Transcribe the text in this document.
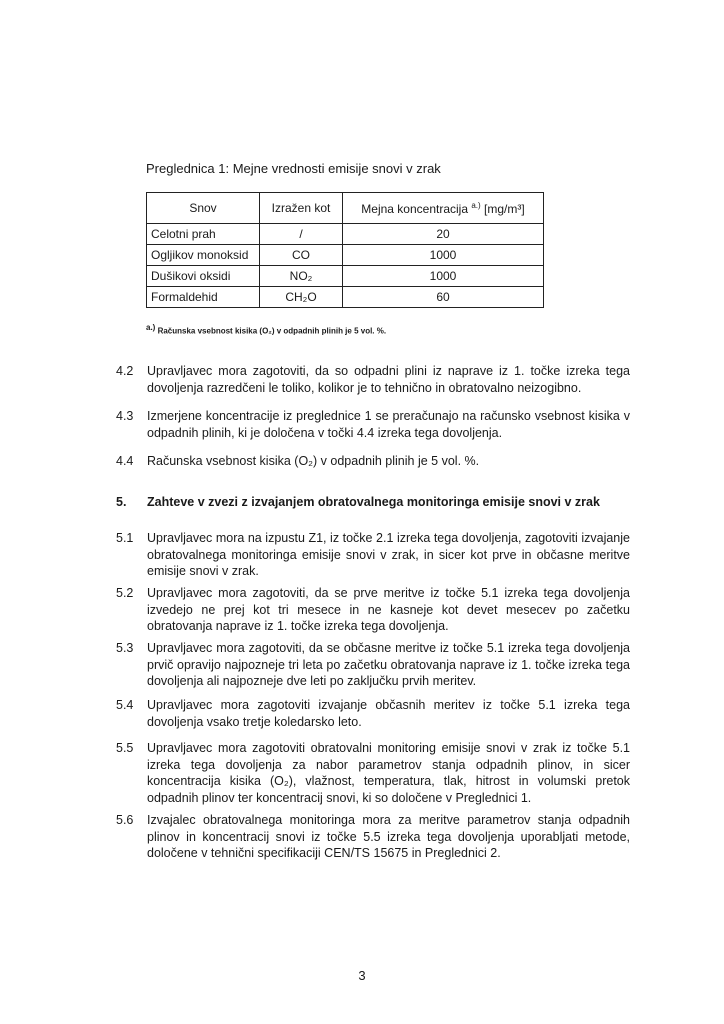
Preglednica 1: Mejne vrednosti emisije snovi v zrak
Snov	Izražen kot	Mejna koncentracija $^{a.)}$ [mg/m³]
Celotni prah	/	20
Ogljikov monoksid	CO	1000
Dušikovi oksidi	NO₂	1000
Formaldehid	CH₂O	60
a.) Računska vsebnost kisika (O₂) v odpadnih plinih je 5 vol. %.
4.2	Upravljavec mora zagotoviti, da so odpadni plini iz naprave iz 1. točke izreka tega dovoljenja razredčeni le toliko, kolikor je to tehnično in obratovalno neizogibno.
4.3	Izmerjene koncentracije iz preglednice 1 se preračunajo na računsko vsebnost kisika v odpadnih plinih, ki je določena v točki 4.4 izreka tega dovoljenja.
4.4	Računska vsebnost kisika (O₂) v odpadnih plinih je 5 vol. %.
5. Zahteve v zvezi z izvajanjem obratovalnega monitoringa emisije snovi v zrak
5.1	Upravljavec mora na izpustu Z1, iz točke 2.1 izreka tega dovoljenja, zagotoviti izvajanje obratovalnega monitoringa emisije snovi v zrak, in sicer kot prve in občasne meritve emisije snovi v zrak.
5.2	Upravljavec mora zagotoviti, da se prve meritve iz točke 5.1 izreka tega dovoljenja izvedejo ne prej kot tri mesece in ne kasneje kot devet mesecev po začetku obratovanja naprave iz 1. točke izreka tega dovoljenja.
5.3	Upravljavec mora zagotoviti, da se občasne meritve iz točke 5.1 izreka tega dovoljenja prvič opravijo najpozneje tri leta po začetku obratovanja naprave iz 1. točke izreka tega dovoljenja ali najpozneje dve leti po zaključku prvih meritev.
5.4	Upravljavec mora zagotoviti izvajanje občasnih meritev iz točke 5.1 izreka tega dovoljenja vsako tretje koledarsko leto.
5.5	Upravljavec mora zagotoviti obratovalni monitoring emisije snovi v zrak iz točke 5.1 izreka tega dovoljenja za nabor parametrov stanja odpadnih plinov, in sicer koncentracija kisika (O₂), vlažnost, temperatura, tlak, hitrost in volumski pretok odpadnih plinov ter koncentracij snovi, ki so določene v Preglednici 1.
5.6	Izvajalec obratovalnega monitoringa mora za meritve parametrov stanja odpadnih plinov in koncentracij snovi iz točke 5.5 izreka tega dovoljenja uporabljati metode, določene v tehnični specifikaciji CEN/TS 15675 in Preglednici 2.
3
